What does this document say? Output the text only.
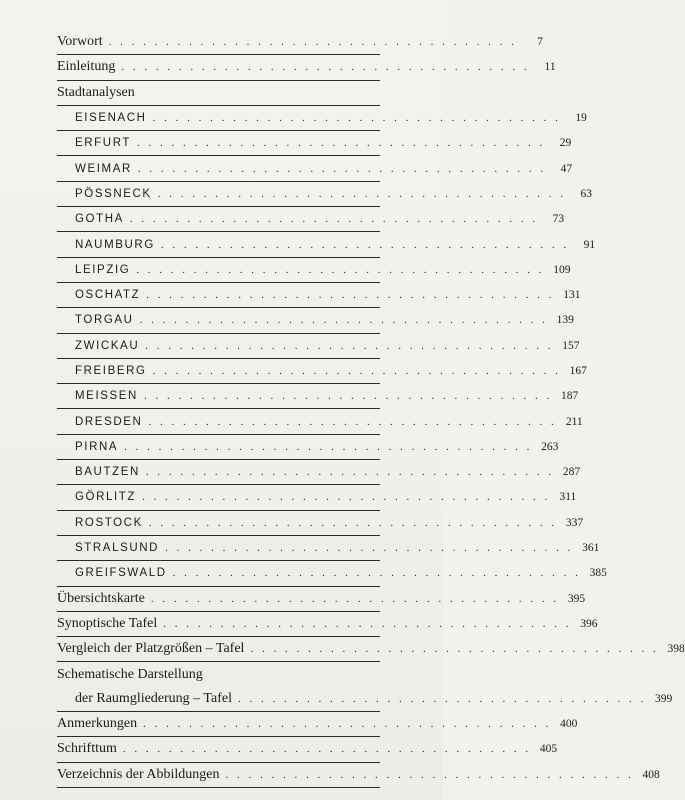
Vorwort . . . . . . . . . . . . . . . . . . . . . . . . . . . . . . . . . . . .	7
Einleitung . . . . . . . . . . . . . . . . . . . . . . . . . . . . . . . . . . . .	11
Stadtanalysen
EISENACH . . . . . . . . . . . . . . . . . . . . . . . . . . . . . . . . . . . .	19
ERFURT . . . . . . . . . . . . . . . . . . . . . . . . . . . . . . . . . . . .	29
WEIMAR . . . . . . . . . . . . . . . . . . . . . . . . . . . . . . . . . . . .	47
PÖSSNECK . . . . . . . . . . . . . . . . . . . . . . . . . . . . . . . . . . . .	63
GOTHA . . . . . . . . . . . . . . . . . . . . . . . . . . . . . . . . . . . .	73
NAUMBURG . . . . . . . . . . . . . . . . . . . . . . . . . . . . . . . . . . . .	91
LEIPZIG . . . . . . . . . . . . . . . . . . . . . . . . . . . . . . . . . . . . 109
OSCHATZ . . . . . . . . . . . . . . . . . . . . . . . . . . . . . . . . . . . . 131
TORGAU . . . . . . . . . . . . . . . . . . . . . . . . . . . . . . . . . . . . 139
ZWICKAU . . . . . . . . . . . . . . . . . . . . . . . . . . . . . . . . . . . . 157
FREIBERG . . . . . . . . . . . . . . . . . . . . . . . . . . . . . . . . . . . . 167
MEISSEN . . . . . . . . . . . . . . . . . . . . . . . . . . . . . . . . . . . . 187
DRESDEN . . . . . . . . . . . . . . . . . . . . . . . . . . . . . . . . . . . . 211
PIRNA . . . . . . . . . . . . . . . . . . . . . . . . . . . . . . . . . . . . 263
BAUTZEN . . . . . . . . . . . . . . . . . . . . . . . . . . . . . . . . . . . . 287
GÖRLITZ . . . . . . . . . . . . . . . . . . . . . . . . . . . . . . . . . . . . 311
ROSTOCK . . . . . . . . . . . . . . . . . . . . . . . . . . . . . . . . . . . . 337
STRALSUND . . . . . . . . . . . . . . . . . . . . . . . . . . . . . . . . . . . . 361
GREIFSWALD . . . . . . . . . . . . . . . . . . . . . . . . . . . . . . . . . . . . 385
Übersichtskarte . . . . . . . . . . . . . . . . . . . . . . . . . . . . . . . . . . . . 395
Synoptische Tafel . . . . . . . . . . . . . . . . . . . . . . . . . . . . . . . . . . . . 396
Vergleich der Platzgrößen – Tafel . . . . . . . . . . . . . . . . . . . . . . . . . . . . . . . . . . . . 398
Schematische Darstellung
der Raumgliederung – Tafel . . . . . . . . . . . . . . . . . . . . . . . . . . . . . . . . . . . . 399
Anmerkungen . . . . . . . . . . . . . . . . . . . . . . . . . . . . . . . . . . . . 400
Schrifttum . . . . . . . . . . . . . . . . . . . . . . . . . . . . . . . . . . . . 405
Verzeichnis der Abbildungen . . . . . . . . . . . . . . . . . . . . . . . . . . . . . . . . . . . . 408
